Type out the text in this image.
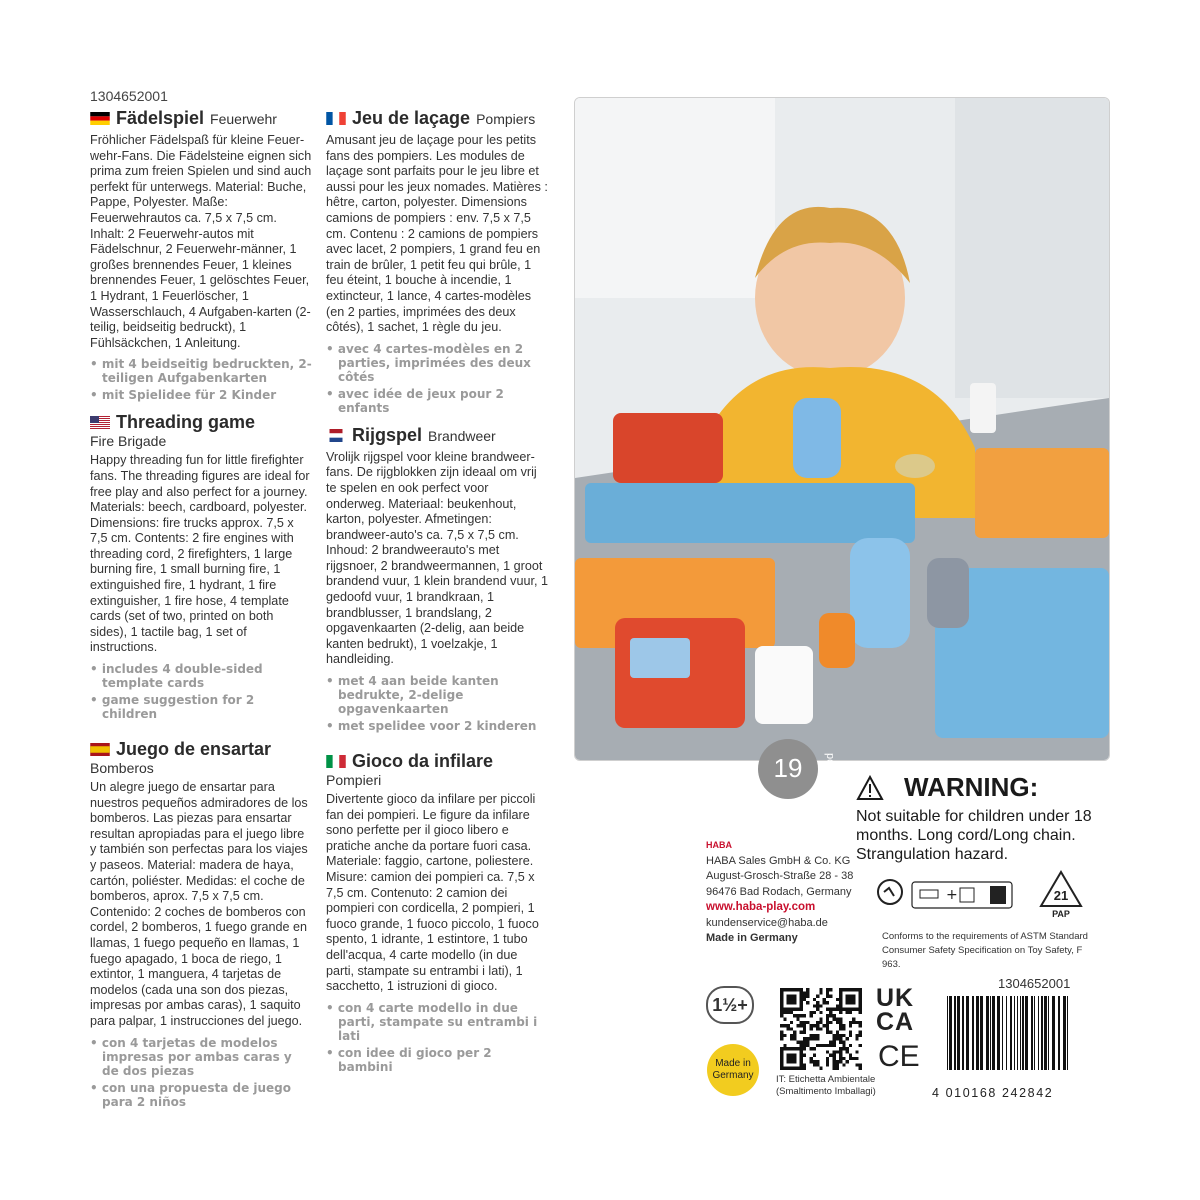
1304652001
Fädelspiel Feuerwehr

Fröhlicher Fädelspaß für kleine Feuer-wehr-Fans. Die Fädelsteine eignen sich prima zum freien Spielen und sind auch perfekt für unterwegs. Material: Buche, Pappe, Polyester. Maße: Feuerwehrautos ca. 7,5 x 7,5 cm. Inhalt: 2 Feuerwehr-autos mit Fädelschnur, 2 Feuerwehr-männer, 1 großes brennendes Feuer, 1 kleines brennendes Feuer, 1 gelöschtes Feuer, 1 Hydrant, 1 Feuerlöscher, 1 Wasserschlauch, 4 Aufgaben-karten (2-teilig, beidseitig bedruckt), 1 Fühlsäckchen, 1 Anleitung.

• mit 4 beidseitig bedruckten, 2-teiligen Aufgabenkarten
• mit Spielidee für 2 Kinder
Threading game
Fire Brigade

Happy threading fun for little firefighter fans. The threading figures are ideal for free play and also perfect for a journey. Materials: beech, cardboard, polyester. Dimensions: fire trucks approx. 7,5 x 7,5 cm. Contents: 2 fire engines with threading cord, 2 firefighters, 1 large burning fire, 1 small burning fire, 1 extinguished fire, 1 hydrant, 1 fire extinguisher, 1 fire hose, 4 template cards (set of two, printed on both sides), 1 tactile bag, 1 set of instructions.

• includes 4 double-sided template cards
• game suggestion for 2 children
Juego de ensartar
Bomberos

Un alegre juego de ensartar para nuestros pequeños admiradores de los bomberos. Las piezas para ensartar resultan apropiadas para el juego libre y también son perfectas para los viajes y paseos. Material: madera de haya, cartón, poliéster. Medidas: el coche de bomberos, aprox. 7,5 x 7,5 cm. Contenido: 2 coches de bomberos con cordel, 2 bomberos, 1 fuego grande en llamas, 1 fuego pequeño en llamas, 1 fuego apagado, 1 boca de riego, 1 extintor, 1 manguera, 4 tarjetas de modelos (cada una son dos piezas, impresas por ambas caras), 1 saquito para palpar, 1 instrucciones del juego.

• con 4 tarjetas de modelos impresas por ambas caras y de dos piezas
• con una propuesta de juego para 2 niños
Jeu de laçage Pompiers

Amusant jeu de laçage pour les petits fans des pompiers. Les modules de laçage sont parfaits pour le jeu libre et aussi pour les jeux nomades. Matières : hêtre, carton, polyester. Dimensions camions de pompiers : env. 7,5 x 7,5 cm. Contenu : 2 camions de pompiers avec lacet, 2 pompiers, 1 grand feu en train de brûler, 1 petit feu qui brûle, 1 feu éteint, 1 bouche à incendie, 1 extincteur, 1 lance, 4 cartes-modèles (en 2 parties, imprimées des deux côtés), 1 sachet, 1 règle du jeu.

• avec 4 cartes-modèles en 2 parties, imprimées des deux côtés
• avec idée de jeux pour 2 enfants
Rijgspel Brandweer

Vrolijk rijgspel voor kleine brandweer-fans. De rijgblokken zijn ideaal om vrij te spelen en ook perfect voor onderweg. Materiaal: beukenhout, karton, polyester. Afmetingen: brandweer-auto's ca. 7,5 x 7,5 cm. Inhoud: 2 brandweerauto's met rijgsnoer, 2 brandweermannen, 1 groot brandend vuur, 1 klein brandend vuur, 1 gedoofd vuur, 1 brandkraan, 1 brandblusser, 1 brandslang, 2 opgavenkaarten (2-delig, aan beide kanten bedrukt), 1 voelzakje, 1 handleiding.

• met 4 aan beide kanten bedrukte, 2-delige opgavenkaarten
• met spelidee voor 2 kinderen
Gioco da infilare
Pompieri

Divertente gioco da infilare per piccoli fan dei pompieri. Le figure da infilare sono perfette per il gioco libero e pratiche anche da portare fuori casa. Materiale: faggio, cartone, poliestere. Misure: camion dei pompieri ca. 7,5 x 7,5 cm. Contenuto: 2 camion dei pompieri con cordicella, 2 pompieri, 1 fuoco grande, 1 fuoco piccolo, 1 fuoco spento, 1 idrante, 1 estintore, 1 tubo dell'acqua, 4 carte modello (in due parti, stampate su entrambi i lati), 1 sacchetto, 1 istruzioni di gioco.

• con 4 carte modello in due parti, stampate su entrambi i lati
• con idee di gioco per 2 bambini
19	pcs
WARNING:
Not suitable for children under 18 months. Long cord/Long chain. Strangulation hazard.
HABA
HABA Sales GmbH & Co. KG
August-Grosch-Straße 28 - 38
96476 Bad Rodach, Germany
www.haba-play.com
kundenservice@haba.de
Made in Germany
+	21
PAP
Conforms to the requirements of ASTM Standard Consumer Safety Specification on Toy Safety, F 963.
1304652001
1½+
Made in Germany	IT: Etichetta Ambientale (Smaltimento Imballagi)
UK
CA
CE
4 010168 242842
